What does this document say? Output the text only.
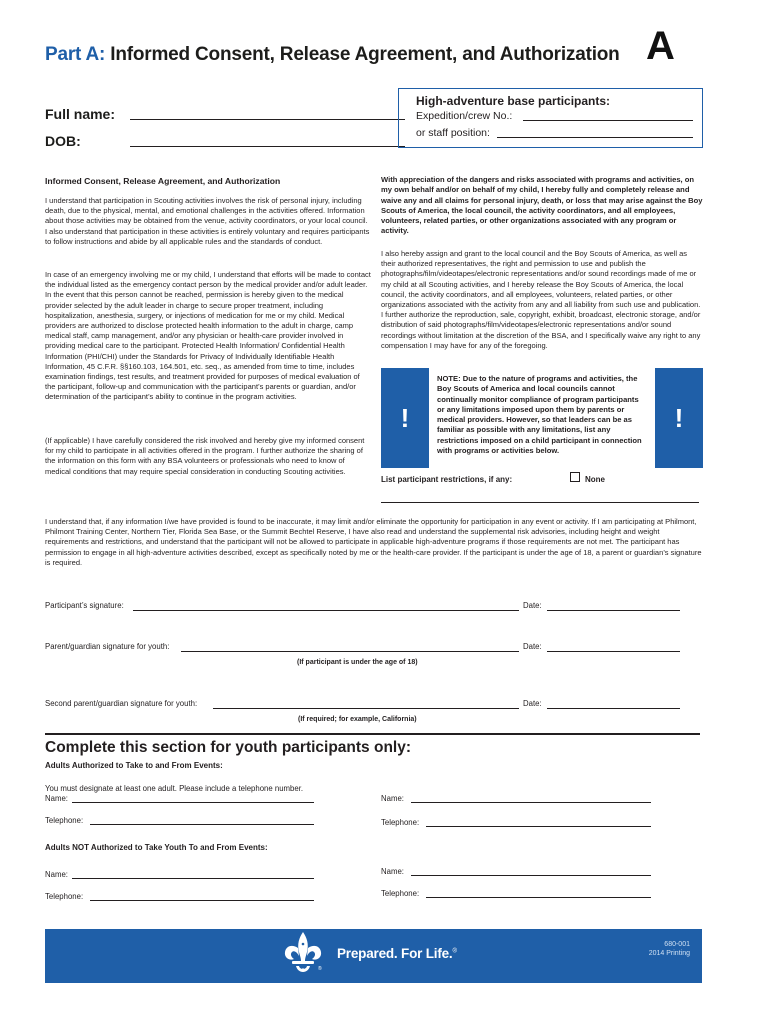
Part A: Informed Consent, Release Agreement, and Authorization A
Full name:
DOB:
High-adventure base participants:
Expedition/crew No.:
or staff position:
Informed Consent, Release Agreement, and Authorization
I understand that participation in Scouting activities involves the risk of personal injury, including death, due to the physical, mental, and emotional challenges in the activities offered. Information about those activities may be obtained from the venue, activity coordinators, or your local council. I also understand that participation in these activities is entirely voluntary and requires participants to follow instructions and abide by all applicable rules and the standards of conduct.
In case of an emergency involving me or my child, I understand that efforts will be made to contact the individual listed as the emergency contact person by the medical provider and/or adult leader. In the event that this person cannot be reached, permission is hereby given to the medical provider selected by the adult leader in charge to secure proper treatment, including hospitalization, anesthesia, surgery, or injections of medication for me or my child. Medical providers are authorized to disclose protected health information to the adult in charge, camp medical staff, camp management, and/or any physician or health-care provider involved in providing medical care to the participant. Protected Health Information/ Confidential Health Information (PHI/CHI) under the Standards for Privacy of Individually Identifiable Health Information, 45 C.F.R. §§160.103, 164.501, etc. seq., as amended from time to time, includes examination findings, test results, and treatment provided for purposes of medical evaluation of the participant, follow-up and communication with the participant’s parents or guardian, and/or determination of the participant’s ability to continue in the program activities.
(If applicable) I have carefully considered the risk involved and hereby give my informed consent for my child to participate in all activities offered in the program. I further authorize the sharing of the information on this form with any BSA volunteers or professionals who need to know of medical conditions that may require special consideration in conducting Scouting activities.
With appreciation of the dangers and risks associated with programs and activities, on my own behalf and/or on behalf of my child, I hereby fully and completely release and waive any and all claims for personal injury, death, or loss that may arise against the Boy Scouts of America, the local council, the activity coordinators, and all employees, volunteers, related parties, or other organizations associated with any program or activity.
I also hereby assign and grant to the local council and the Boy Scouts of America, as well as their authorized representatives, the right and permission to use and publish the photographs/film/videotapes/electronic representations and/or sound recordings made of me or my child at all Scouting activities, and I hereby release the Boy Scouts of America, the local council, the activity coordinators, and all employees, volunteers, related parties, or other organizations associated with the activity from any and all liability from such use and publication. I further authorize the reproduction, sale, copyright, exhibit, broadcast, electronic storage, and/or distribution of said photographs/film/videotapes/electronic representations and/or sound recordings without limitation at the discretion of the BSA, and I specifically waive any right to any compensation I may have for any of the foregoing.
!
NOTE: Due to the nature of programs and activities, the Boy Scouts of America and local councils cannot continually monitor compliance of program participants or any limitations imposed upon them by parents or medical providers. However, so that leaders can be as familiar as possible with any limitations, list any restrictions imposed on a child participant in connection with programs or activities below.
!
List participant restrictions, if any:	None
I understand that, if any information I/we have provided is found to be inaccurate, it may limit and/or eliminate the opportunity for participation in any event or activity. If I am participating at Philmont, Philmont Training Center, Northern Tier, Florida Sea Base, or the Summit Bechtel Reserve, I have also read and understand the supplemental risk advisories, including height and weight requirements and restrictions, and understand that the participant will not be allowed to participate in applicable high-adventure programs if those requirements are not met. The participant has permission to engage in all high-adventure activities described, except as specifically noted by me or the health-care provider. If the participant is under the age of 18, a parent or guardian’s signature is required.
Participant’s signature:	Date:
Parent/guardian signature for youth:	Date:
(If participant is under the age of 18)
Second parent/guardian signature for youth:	Date:
(If required; for example, California)
Complete this section for youth participants only:
Adults Authorized to Take to and From Events:
You must designate at least one adult. Please include a telephone number.
Name:	Name:
Telephone:	Telephone:
Adults NOT Authorized to Take Youth To and From Events:
Name:	Name:
Telephone:	Telephone:
®
Prepared. For Life.®
680-001
2014 Printing
